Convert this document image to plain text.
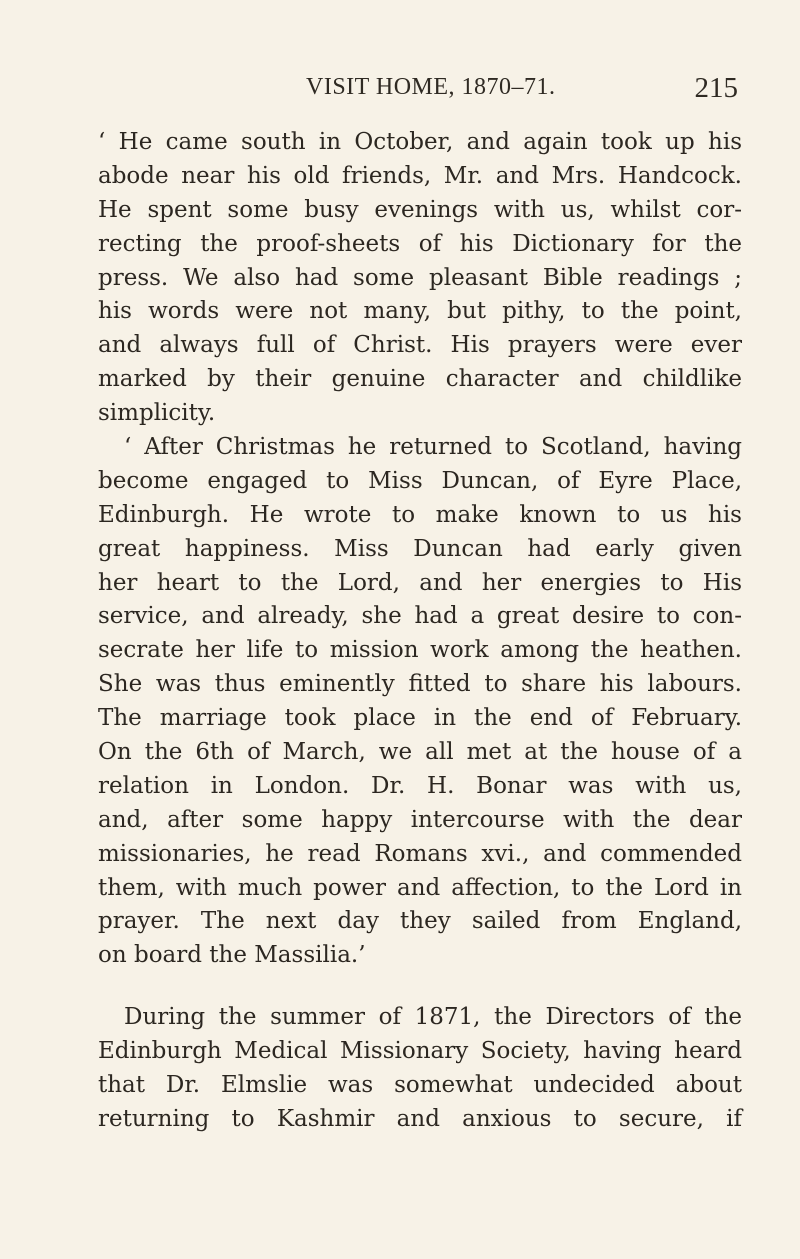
VISIT HOME, 1870–71.	215
‘ He came south in October, and again took up his
abode near his old friends, Mr. and Mrs. Handcock.
He spent some busy evenings with us, whilst cor-
recting the proof-sheets of his Dictionary for the
press. We also had some pleasant Bible readings ;
his words were not many, but pithy, to the point,
and always full of Christ. His prayers were ever
marked by their genuine character and childlike
simplicity.
‘ After Christmas he returned to Scotland, having
become engaged to Miss Duncan, of Eyre Place,
Edinburgh. He wrote to make known to us his
great happiness. Miss Duncan had early given
her heart to the Lord, and her energies to His
service, and already, she had a great desire to con-
secrate her life to mission work among the heathen.
She was thus eminently fitted to share his labours.
The marriage took place in the end of February.
On the 6th of March, we all met at the house of a
relation in London. Dr. H. Bonar was with us,
and, after some happy intercourse with the dear
missionaries, he read Romans xvi., and commended
them, with much power and affection, to the Lord in
prayer. The next day they sailed from England,
on board the Massilia.’
During the summer of 1871, the Directors of the
Edinburgh Medical Missionary Society, having heard
that Dr. Elmslie was somewhat undecided about
returning to Kashmir and anxious to secure, if
